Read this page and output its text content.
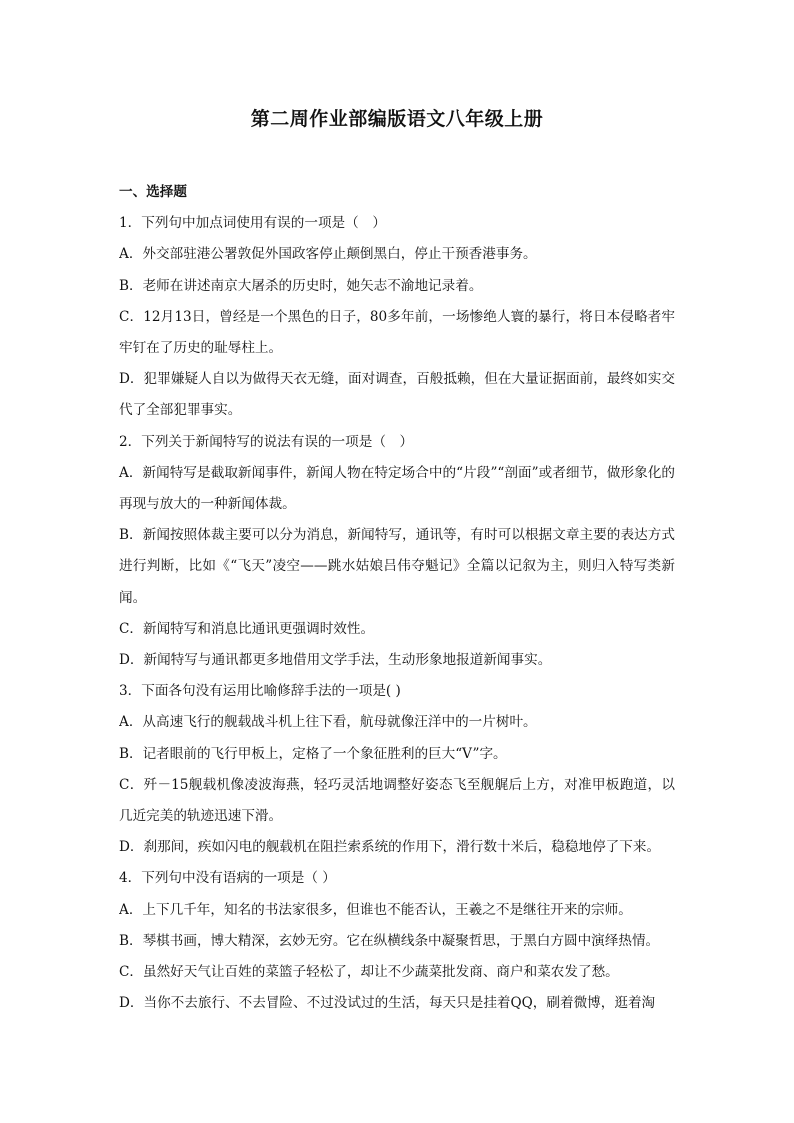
第二周作业部编版语文八年级上册
一、选择题
1．下列句中加点词使用有误的一项是（　）
A．外交部驻港公署敦促外国政客停止颠倒黑白，停止干预香港事务。
B．老师在讲述南京大屠杀的历史时，她矢志不渝地记录着。
C．12月13日，曾经是一个黑色的日子，80多年前，一场惨绝人寰的暴行，将日本侵略者牢牢钉在了历史的耻辱柱上。
D．犯罪嫌疑人自以为做得天衣无缝，面对调查，百般抵赖，但在大量证据面前，最终如实交代了全部犯罪事实。
2．下列关于新闻特写的说法有误的一项是（　）
A．新闻特写是截取新闻事件，新闻人物在特定场合中的“片段”“剖面”或者细节，做形象化的再现与放大的一种新闻体裁。
B．新闻按照体裁主要可以分为消息，新闻特写，通讯等，有时可以根据文章主要的表达方式进行判断，比如《“飞天”凌空——跳水姑娘吕伟夺魁记》全篇以记叙为主，则归入特写类新闻。
C．新闻特写和消息比通讯更强调时效性。
D．新闻特写与通讯都更多地借用文学手法，生动形象地报道新闻事实。
3．下面各句没有运用比喻修辞手法的一项是( )
A．从高速飞行的舰载战斗机上往下看，航母就像汪洋中的一片树叶。
B．记者眼前的飞行甲板上，定格了一个象征胜利的巨大“V”字。
C．歼－15舰载机像凌波海燕，轻巧灵活地调整好姿态飞至舰艉后上方，对准甲板跑道，以几近完美的轨迹迅速下滑。
D．刹那间，疾如闪电的舰载机在阻拦索系统的作用下，滑行数十米后，稳稳地停了下来。
4．下列句中没有语病的一项是（ ）
A．上下几千年，知名的书法家很多，但谁也不能否认，王羲之不是继往开来的宗师。
B．琴棋书画，博大精深，玄妙无穷。它在纵横线条中凝聚哲思，于黑白方圆中演绎热情。
C．虽然好天气让百姓的菜篮子轻松了，却让不少蔬菜批发商、商户和菜农发了愁。
D．当你不去旅行、不去冒险、不过没试过的生活，每天只是挂着QQ，刷着微博，逛着淘
